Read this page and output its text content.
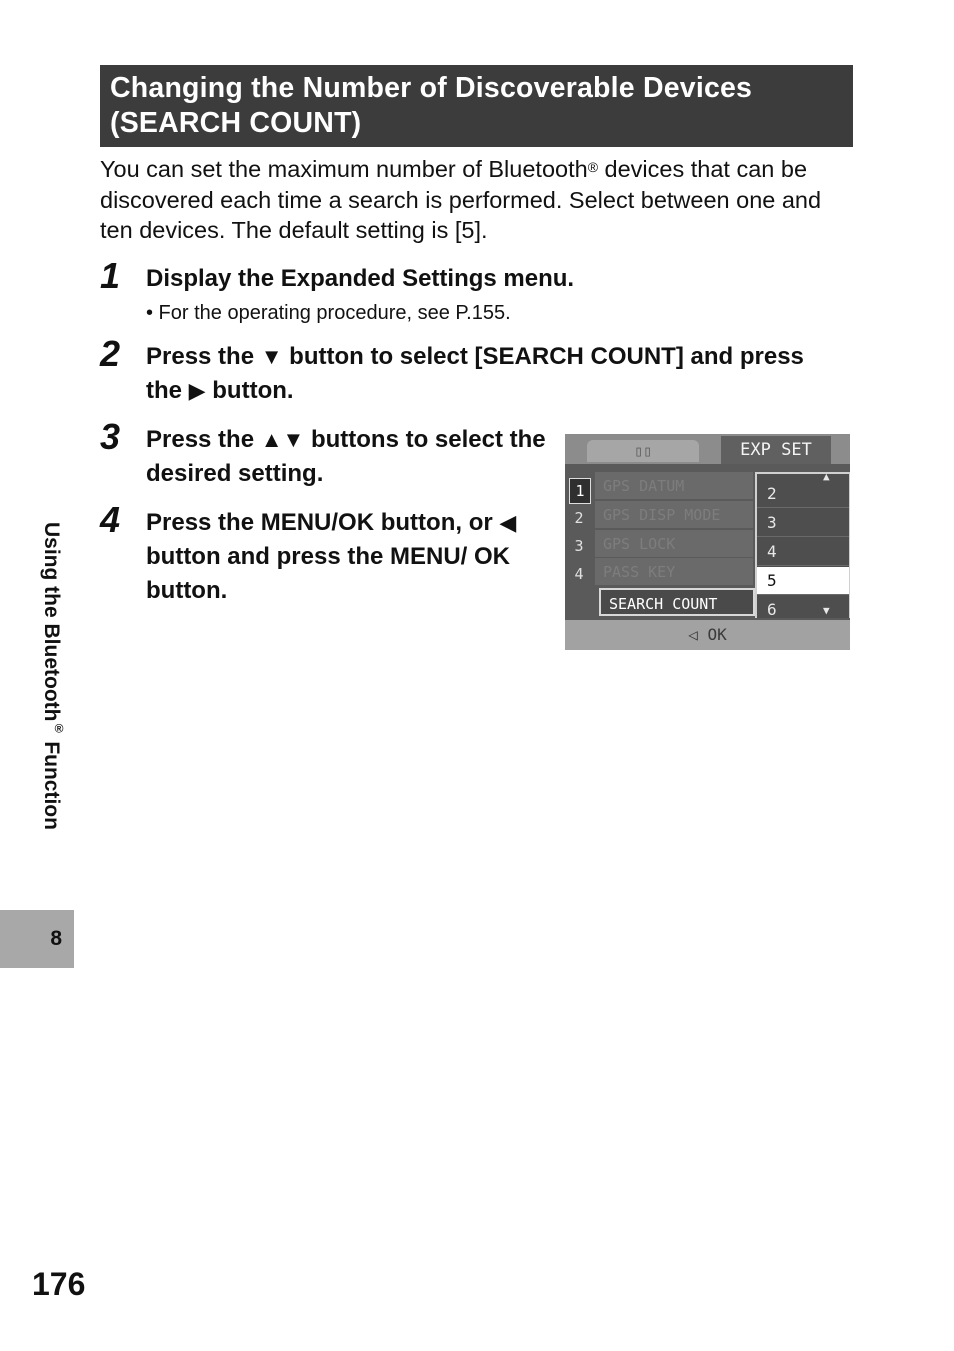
Changing the Number of Discoverable Devices
(SEARCH COUNT)
You can set the maximum number of Bluetooth® devices that can be discovered each time a search is performed. Select between one and ten devices. The default setting is [5].
1 Display the Expanded Settings menu.
• For the operating procedure, see P.155.
2 Press the ▼ button to select [SEARCH COUNT] and press the ▶ button.
3 Press the ▲▼ buttons to select the desired setting.
4 Press the MENU/OK button, or ◀ button and press the MENU/ OK button.
▯▯	EXP SET
1
2
3
4
GPS DATUM
GPS DISP MODE
GPS LOCK
PASS KEY
SEARCH COUNT
▲
2
3
4
5
6	▼
◁ OK
Using the Bluetooth® Function
8
176
